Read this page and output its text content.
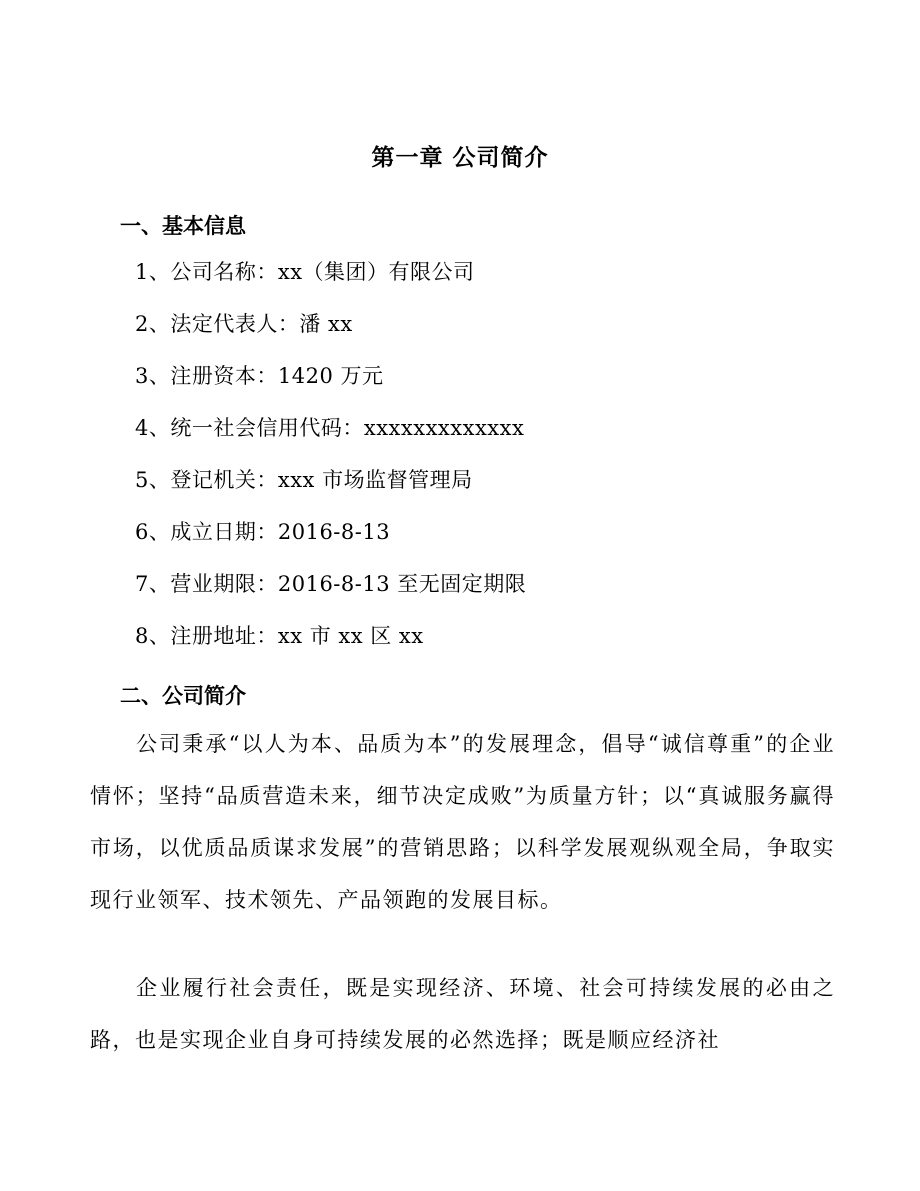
第一章 公司简介
一、基本信息
1、公司名称：xx（集团）有限公司
2、法定代表人：潘 xx
3、注册资本：1420 万元
4、统一社会信用代码：xxxxxxxxxxxxx
5、登记机关：xxx 市场监督管理局
6、成立日期：2016-8-13
7、营业期限：2016-8-13 至无固定期限
8、注册地址：xx 市 xx 区 xx
二、公司简介

公司秉承“以人为本、品质为本”的发展理念，倡导“诚信尊重”的企业情怀；坚持“品质营造未来，细节决定成败”为质量方针；以“真诚服务赢得市场，以优质品质谋求发展”的营销思路；以科学发展观纵观全局，争取实现行业领军、技术领先、产品领跑的发展目标。

企业履行社会责任，既是实现经济、环境、社会可持续发展的必由之路，也是实现企业自身可持续发展的必然选择；既是顺应经济社
